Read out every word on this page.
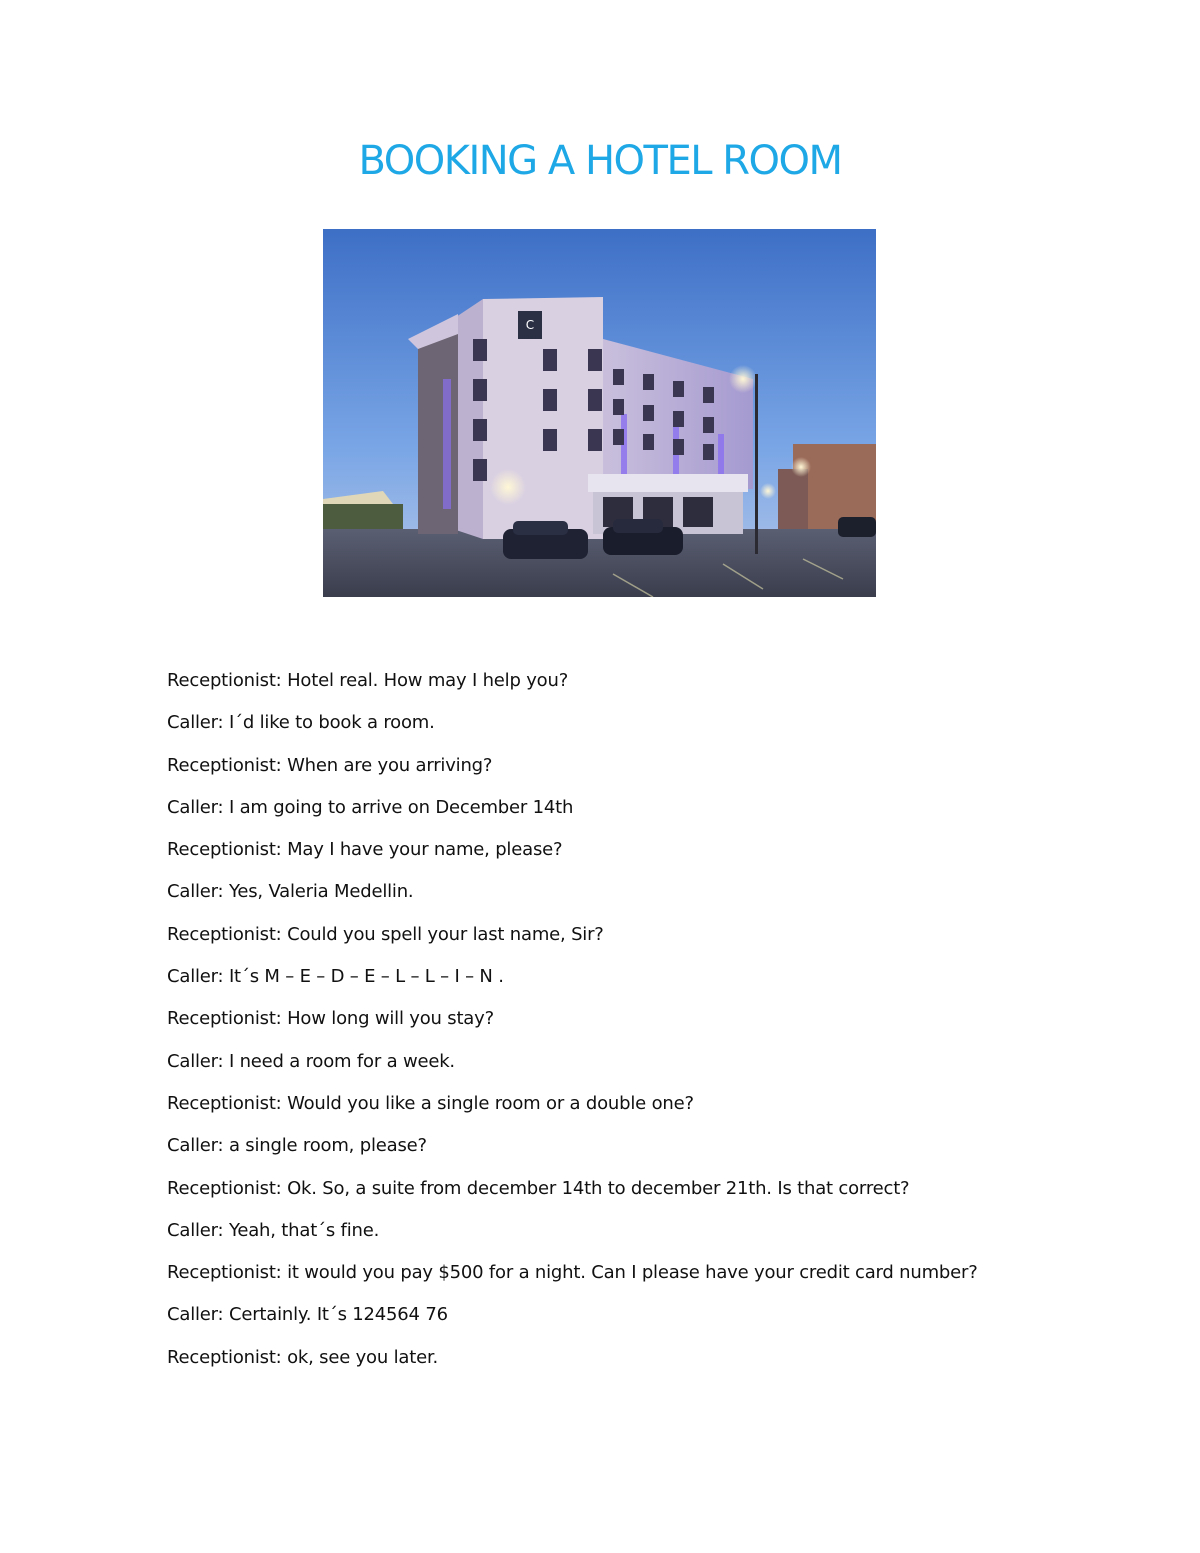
BOOKING A HOTEL ROOM
C
HOTEL

Receptionist: Hotel real. How may I help you?

Caller: I´d like to book a room.

Receptionist: When are you arriving?

Caller: I am going to arrive on December 14th

Receptionist: May I have your name, please?

Caller: Yes, Valeria Medellin.

Receptionist: Could you spell your last name, Sir?

Caller: It´s M – E – D – E – L – L – I – N .

Receptionist: How long will you stay?

Caller: I need a room for a week.

Receptionist: Would you like a single room or a double one?

Caller: a single room, please?

Receptionist: Ok. So, a suite from december 14th to december 21th. Is that correct?

Caller: Yeah, that´s fine.

Receptionist: it would you pay $500 for a night. Can I please have your credit card number?

Caller: Certainly. It´s 124564 76

Receptionist: ok, see you later.
